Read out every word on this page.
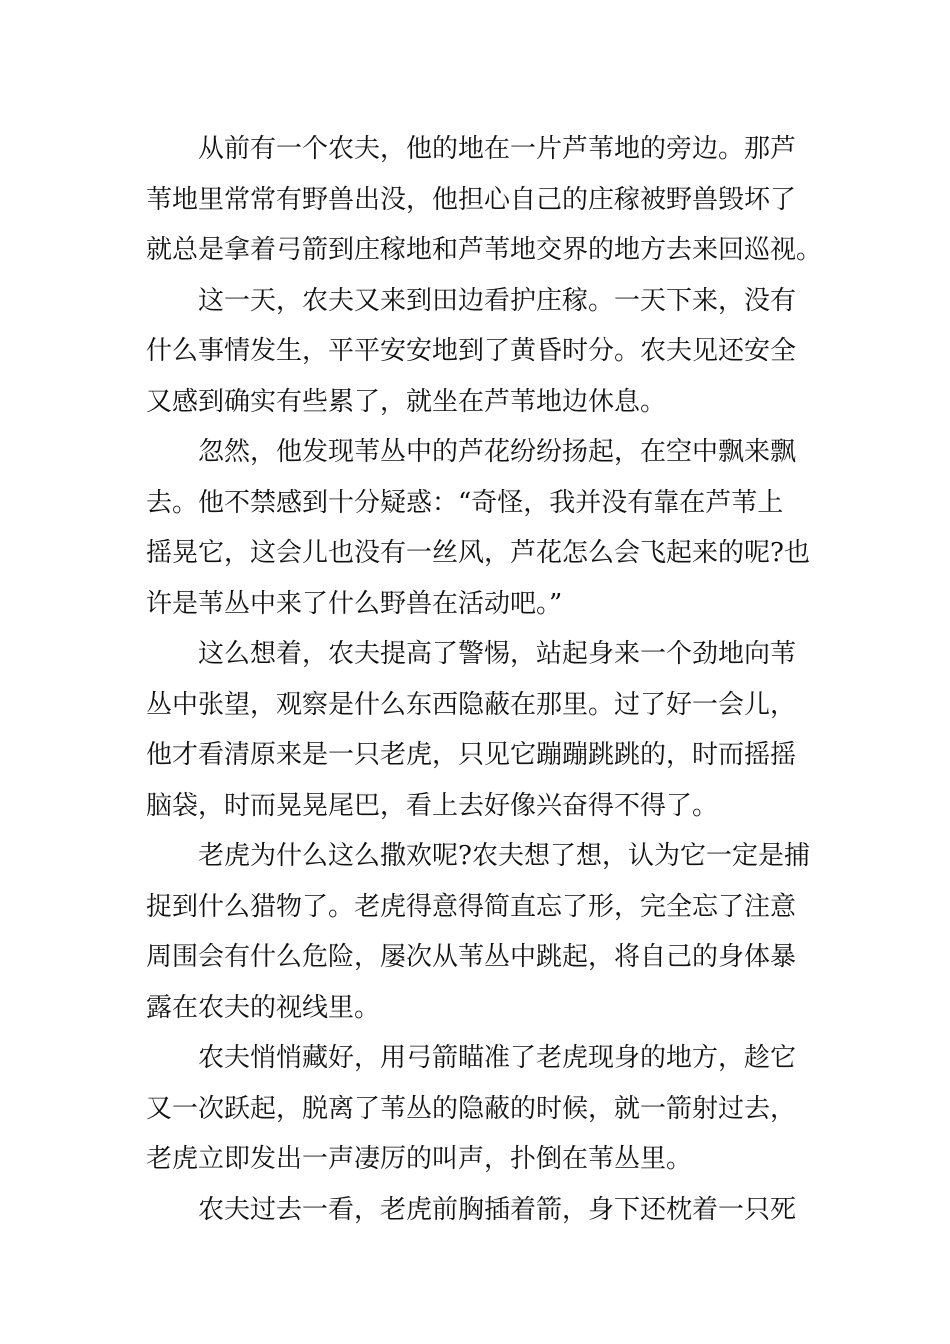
从前有一个农夫，他的地在一片芦苇地的旁边。那芦
苇地里常常有野兽出没，他担心自己的庄稼被野兽毁坏了
就总是拿着弓箭到庄稼地和芦苇地交界的地方去来回巡视。
这一天，农夫又来到田边看护庄稼。一天下来，没有
什么事情发生，平平安安地到了黄昏时分。农夫见还安全
又感到确实有些累了，就坐在芦苇地边休息。
忽然，他发现苇丛中的芦花纷纷扬起，在空中飘来飘
去。他不禁感到十分疑惑：“奇怪，我并没有靠在芦苇上
摇晃它，这会儿也没有一丝风，芦花怎么会飞起来的呢?也
许是苇丛中来了什么野兽在活动吧。”
这么想着，农夫提高了警惕，站起身来一个劲地向苇
丛中张望，观察是什么东西隐蔽在那里。过了好一会儿，
他才看清原来是一只老虎，只见它蹦蹦跳跳的，时而摇摇
脑袋，时而晃晃尾巴，看上去好像兴奋得不得了。
老虎为什么这么撒欢呢?农夫想了想，认为它一定是捕
捉到什么猎物了。老虎得意得简直忘了形，完全忘了注意
周围会有什么危险，屡次从苇丛中跳起，将自己的身体暴
露在农夫的视线里。
农夫悄悄藏好，用弓箭瞄准了老虎现身的地方，趁它
又一次跃起，脱离了苇丛的隐蔽的时候，就一箭射过去，
老虎立即发出一声凄厉的叫声，扑倒在苇丛里。
农夫过去一看，老虎前胸插着箭，身下还枕着一只死
